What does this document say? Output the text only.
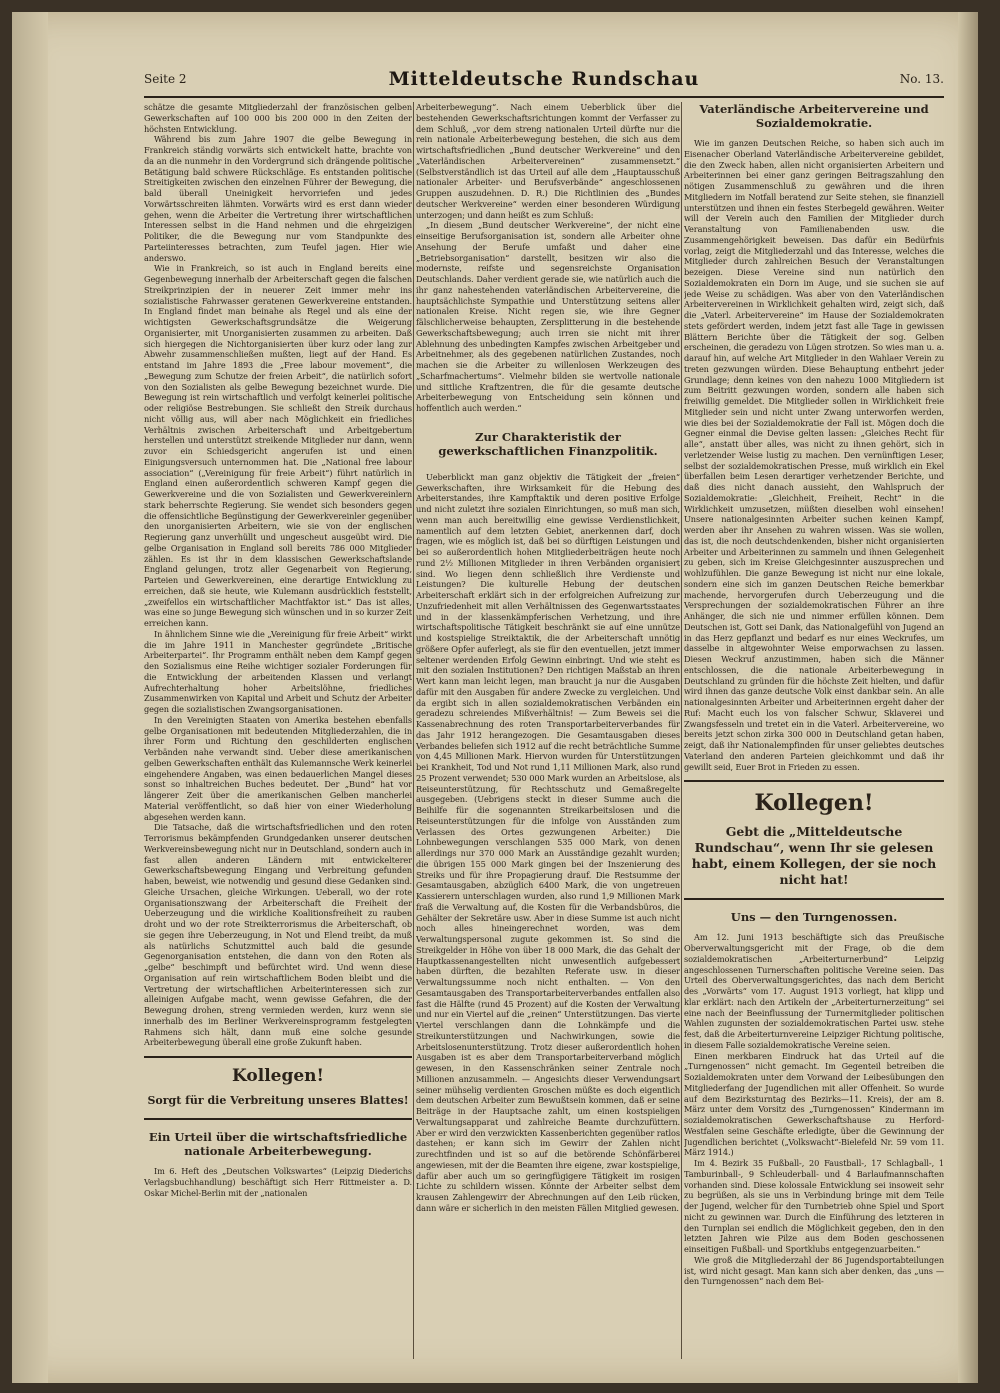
Seite 2	Mitteldeutsche Rundschau	No. 13.

schätze die gesamte Mitgliederzahl der französischen gelben Gewerkschaften auf 100 000 bis 200 000 in den Zeiten der höchsten Entwicklung.

Während bis zum Jahre 1907 die gelbe Bewegung in Frankreich ständig vorwärts sich entwickelt hatte, brachte von da an die nunmehr in den Vordergrund sich drängende politische Betätigung bald schwere Rückschläge. Es entstanden politische Streitigkeiten zwischen den einzelnen Führer der Bewegung, die bald überall Uneinigkeit hervorriefen und jedes Vorwärtsschreiten lähmten. Vorwärts wird es erst dann wieder gehen, wenn die Arbeiter die Vertretung ihrer wirtschaftlichen Interessen selbst in die Hand nehmen und die ehrgeizigen Politiker, die die Bewegung nur vom Standpunkte des Parteiinteresses betrachten, zum Teufel jagen. Hier wie anderswo.

Wie in Frankreich, so ist auch in England bereits eine Gegenbewegung innerhalb der Arbeiterschaft gegen die falschen Streikprinzipien der in neuerer Zeit immer mehr ins sozialistische Fahrwasser geratenen Gewerkvereine entstanden. In England findet man beinahe als Regel und als eine der wichtigsten Gewerkschaftsgrundsätze die Weigerung Organisierter, mit Unorganisierten zusammen zu arbeiten. Daß sich hiergegen die Nichtorganisierten über kurz oder lang zur Abwehr zusammenschließen mußten, liegt auf der Hand. Es entstand im Jahre 1893 die „Free labour movement“, die „Bewegung zum Schutze der freien Arbeit“, die natürlich sofort von den Sozialisten als gelbe Bewegung bezeichnet wurde. Die Bewegung ist rein wirtschaftlich und verfolgt keinerlei politische oder religiöse Bestrebungen. Sie schließt den Streik durchaus nicht völlig aus, will aber nach Möglichkeit ein friedliches Verhältnis zwischen Arbeiterschaft und Arbeitgebertum herstellen und unterstützt streikende Mitglieder nur dann, wenn zuvor ein Schiedsgericht angerufen ist und einen Einigungsversuch unternommen hat. Die „National free labour association“ („Vereinigung für freie Arbeit“) führt natürlich in England einen außerordentlich schweren Kampf gegen die Gewerkvereine und die von Sozialisten und Gewerkvereinlern stark beherrschte Regierung. Sie wendet sich besonders gegen die offensichtliche Begünstigung der Gewerkvereinler gegenüber den unorganisierten Arbeitern, wie sie von der englischen Regierung ganz unverhüllt und ungescheut ausgeübt wird. Die gelbe Organisation in England soll bereits 786 000 Mitglieder zählen. Es ist ihr in dem klassischen Gewerkschaftslande England gelungen, trotz aller Gegenarbeit von Regierung, Parteien und Gewerkvereinen, eine derartige Entwicklung zu erreichen, daß sie heute, wie Kulemann ausdrücklich feststellt, „zweifellos ein wirtschaftlicher Machtfaktor ist.“ Das ist alles, was eine so junge Bewegung sich wünschen und in so kurzer Zeit erreichen kann.

In ähnlichem Sinne wie die „Vereinigung für freie Arbeit“ wirkt die im Jahre 1911 in Manchester gegründete „Britische Arbeiterpartei“. Ihr Programm enthält neben dem Kampf gegen den Sozialismus eine Reihe wichtiger sozialer Forderungen für die Entwicklung der arbeitenden Klassen und verlangt Aufrechterhaltung hoher Arbeitslöhne, friedliches Zusammenwirken von Kapital und Arbeit und Schutz der Arbeiter gegen die sozialistischen Zwangsorganisationen.

In den Vereinigten Staaten von Amerika bestehen ebenfalls gelbe Organisationen mit bedeutenden Mitgliederzahlen, die in ihrer Form und Richtung den geschilderten englischen Verbänden nahe verwandt sind. Ueber diese amerikanischen gelben Gewerkschaften enthält das Kulemannsche Werk keinerlei eingehendere Angaben, was einen bedauerlichen Mangel dieses sonst so inhaltreichen Buches bedeutet. Der „Bund“ hat vor längerer Zeit über die amerikanischen Gelben mancherlei Material veröffentlicht, so daß hier von einer Wiederholung abgesehen werden kann.

Die Tatsache, daß die wirtschaftsfriedlichen und den roten Terrorismus bekämpfenden Grundgedanken unserer deutschen Werkvereinsbewegung nicht nur in Deutschland, sondern auch in fast allen anderen Ländern mit entwickelterer Gewerkschaftsbewegung Eingang und Verbreitung gefunden haben, beweist, wie notwendig und gesund diese Gedanken sind. Gleiche Ursachen, gleiche Wirkungen. Ueberall, wo der rote Organisationszwang der Arbeiterschaft die Freiheit der Ueberzeugung und die wirkliche Koalitionsfreiheit zu rauben droht und wo der rote Streikterrorismus die Arbeiterschaft, ob sie gegen ihre Ueberzeugung, in Not und Elend treibt, da muß als natürlichs Schutzmittel auch bald die gesunde Gegenorganisation entstehen, die dann von den Roten als „gelbe“ beschimpft und befürchtet wird. Und wenn diese Organisation auf rein wirtschaftlichem Boden bleibt und die Vertretung der wirtschaftlichen Arbeiterinteressen sich zur alleinigen Aufgabe macht, wenn gewisse Gefahren, die der Bewegung drohen, streng vermieden werden, kurz wenn sie innerhalb des im Berliner Werkvereinsprogramm festgelegten Rahmens sich hält, dann muß eine solche gesunde Arbeiterbewegung überall eine große Zukunft haben.

Kollegen!
Sorgt für die Verbreitung unseres Blattes!
Ein Urteil über die wirtschaftsfriedliche nationale Arbeiterbewegung.

Im 6. Heft des „Deutschen Volkswartes“ (Leipzig Diederichs Verlagsbuchhandlung) beschäftigt sich Herr Rittmeister a. D. Oskar Michel-Berlin mit der „nationalen

Arbeiterbewegung“. Nach einem Ueberblick über die bestehenden Gewerkschaftsrichtungen kommt der Verfasser zu dem Schluß, „vor dem streng nationalen Urteil dürfte nur die rein nationale Arbeiterbewegung bestehen, die sich aus dem wirtschaftsfriedlichen „Bund deutscher Werkvereine“ und den „Vaterländischen Arbeitervereinen“ zusammensetzt.“ (Selbstverständlich ist das Urteil auf alle dem „Hauptausschuß nationaler Arbeiter- und Berufsverbände“ angeschlossenen Gruppen auszudehnen. D. R.) Die Richtlinien des „Bundes deutscher Werkvereine“ werden einer besonderen Würdigung unterzogen; und dann heißt es zum Schluß:

„In diesem „Bund deutscher Werkvereine“, der nicht eine einseitige Berufsorganisation ist, sondern alle Arbeiter ohne Ansehung der Berufe umfaßt und daher eine „Betriebsorganisation“ darstellt, besitzen wir also die modernste, reifste und segensreichste Organisation Deutschlands. Daher verdient gerade sie, wie natürlich auch die ihr ganz nahestehenden vaterländischen Arbeitervereine, die hauptsächlichste Sympathie und Unterstützung seitens aller nationalen Kreise. Nicht regen sie, wie ihre Gegner fälschlicherweise behaupten, Zersplitterung in die bestehende Gewerkschaftsbewegung; auch irren sie nicht mit ihrer Ablehnung des unbedingten Kampfes zwischen Arbeitgeber und Arbeitnehmer, als des gegebenen natürlichen Zustandes, noch machen sie die Arbeiter zu willenlosen Werkzeugen des „Scharfmachertums“. Vielmehr bilden sie wertvolle nationale und sittliche Kraftzentren, die für die gesamte deutsche Arbeiterbewegung von Entscheidung sein können und hoffentlich auch werden.“

Zur Charakteristik der gewerkschaftlichen Finanzpolitik.

Ueberblickt man ganz objektiv die Tätigkeit der „freien“ Gewerkschaften, ihre Wirksamkeit für die Hebung des Arbeiterstandes, ihre Kampftaktik und deren positive Erfolge und nicht zuletzt ihre sozialen Einrichtungen, so muß man sich, wenn man auch bereitwillig eine gewisse Verdienstlichkeit, namentlich auf dem letzten Gebiet, anerkennen darf, doch fragen, wie es möglich ist, daß bei so dürftigen Leistungen und bei so außerordentlich hohen Mitgliederbeiträgen heute noch rund 2½ Millionen Mitglieder in ihren Verbänden organisiert sind. Wo liegen denn schließlich ihre Verdienste und Leistungen? Die kulturelle Hebung der deutschen Arbeiterschaft erklärt sich in der erfolgreichen Aufreizung zur Unzufriedenheit mit allen Verhältnissen des Gegenwartsstaates und in der klassenkämpferischen Verhetzung, und ihre wirtschaftspolitische Tätigkeit beschränkt sie auf eine unnütze und kostspielige Streiktaktik, die der Arbeiterschaft unnötig größere Opfer auferlegt, als sie für den eventuellen, jetzt immer seltener werdenden Erfolg Gewinn einbringt. Und wie steht es mit den sozialen Institutionen? Den richtigen Maßstab an ihren Wert kann man leicht legen, man braucht ja nur die Ausgaben dafür mit den Ausgaben für andere Zwecke zu vergleichen. Und da ergibt sich in allen sozialdemokratischen Verbänden ein geradezu schreiendes Mißverhältnis! — Zum Beweis sei die Kassenabrechnung des roten Transportarbeiterverbandes für das Jahr 1912 herangezogen. Die Gesamtausgaben dieses Verbandes beliefen sich 1912 auf die recht beträchtliche Summe von 4,45 Millionen Mark. Hiervon wurden für Unterstützungen bei Krankheit, Tod und Not rund 1,11 Millionen Mark, also rund 25 Prozent verwendet; 530 000 Mark wurden an Arbeitslose, als Reiseunterstützung, für Rechtsschutz und Gemaßregelte ausgegeben. (Uebrigens steckt in dieser Summe auch die Beihilfe für die sogenannten Streikarbeitslosen und die Reiseunterstützungen für die infolge von Ausständen zum Verlassen des Ortes gezwungenen Arbeiter.) Die Lohnbewegungen verschlangen 535 000 Mark, von denen allerdings nur 370 000 Mark an Ausständige gezahlt wurden; die übrigen 155 000 Mark gingen bei der Inszenierung des Streiks und für ihre Propagierung drauf. Die Restsumme der Gesamtausgaben, abzüglich 6400 Mark, die von ungetreuen Kassierern unterschlagen wurden, also rund 1,9 Millionen Mark fraß die Verwaltung auf, die Kosten für die Verbandsbüros, die Gehälter der Sekretäre usw. Aber in diese Summe ist auch nicht noch alles hineingerechnet worden, was dem Verwaltungspersonal zugute gekommen ist. So sind die Streikgelder in Höhe von über 18 000 Mark, die das Gehalt der Hauptkassenangestellten nicht unwesentlich aufgebessert haben dürften, die bezahlten Referate usw. in dieser Verwaltungssumme noch nicht enthalten. — Von den Gesamtausgaben des Transportarbeiterverbandes entfallen also fast die Hälfte (rund 45 Prozent) auf die Kosten der Verwaltung und nur ein Viertel auf die „reinen“ Unterstützungen. Das vierte Viertel verschlangen dann die Lohnkämpfe und die Streikunterstützungen und Nachwirkungen, sowie die Arbeitslosenunterstützung. Trotz dieser außerordentlich hohen Ausgaben ist es aber dem Transportarbeiterverband möglich gewesen, in den Kassenschränken seiner Zentrale noch Millionen anzusammeln. — Angesichts dieser Verwendungsart seiner mühselig verdienten Groschen müßte es doch eigentlich dem deutschen Arbeiter zum Bewußtsein kommen, daß er seine Beiträge in der Hauptsache zahlt, um einen kostspieligen Verwaltungsapparat und zahlreiche Beamte durchzufüttern. Aber er wird den verzwickten Kassenberichten gegenüber ratlos dastehen; er kann sich im Gewirr der Zahlen nicht zurechtfinden und ist so auf die betörende Schönfärberei angewiesen, mit der die Beamten ihre eigene, zwar kostspielige, dafür aber auch um so geringfügigere Tätigkeit im rosigen Lichte zu schildern wissen. Könnte der Arbeiter selbst dem krausen Zahlengewirr der Abrechnungen auf den Leib rücken, dann wäre er sicherlich in den meisten Fällen Mitglied gewesen.

Vaterländische Arbeitervereine und Sozialdemokratie.

Wie im ganzen Deutschen Reiche, so haben sich auch im Eisenacher Oberland Vaterländische Arbeitervereine gebildet, die den Zweck haben, allen nicht organisierten Arbeitern und Arbeiterinnen bei einer ganz geringen Beitragszahlung den nötigen Zusammenschluß zu gewähren und die ihren Mitgliedern im Notfall beratend zur Seite stehen, sie finanziell unterstützen und ihnen ein festes Sterbegeld gewähren. Weiter will der Verein auch den Familien der Mitglieder durch Veranstaltung von Familienabenden usw. die Zusammengehörigkeit beweisen. Das dafür ein Bedürfnis vorlag, zeigt die Mitgliederzahl und das Interesse, welches die Mitglieder durch zahlreichen Besuch der Veranstaltungen bezeigen. Diese Vereine sind nun natürlich den Sozialdemokraten ein Dorn im Auge, und sie suchen sie auf jede Weise zu schädigen. Was aber von den Vaterländischen Arbeitervereinen in Wirklichkeit gehalten wird, zeigt sich, daß die „Vaterl. Arbeitervereine“ im Hause der Sozialdemokraten stets gefördert werden, indem jetzt fast alle Tage in gewissen Blättern Berichte über die Tätigkeit der sog. Gelben erscheinen, die geradezu von Lügen strotzen. So wies man u. a. darauf hin, auf welche Art Mitglieder in den Wahlaer Verein zu treten gezwungen würden. Diese Behauptung entbehrt jeder Grundlage; denn keines von den nahezu 1000 Mitgliedern ist zum Beitritt gezwungen worden, sondern alle haben sich freiwillig gemeldet. Die Mitglieder sollen in Wirklichkeit freie Mitglieder sein und nicht unter Zwang unterworfen werden, wie dies bei der Sozialdemokratie der Fall ist. Mögen doch die Gegner einmal die Devise gelten lassen: „Gleiches Recht für alle“, anstatt über alles, was nicht zu ihnen gehört, sich in verletzender Weise lustig zu machen. Den vernünftigen Leser, selbst der sozialdemokratischen Presse, muß wirklich ein Ekel überfallen beim Lesen derartiger verhetzender Berichte, und daß dies nicht danach aussieht, den Wahlspruch der Sozialdemokratie: „Gleichheit, Freiheit, Recht“ in die Wirklichkeit umzusetzen, müßten dieselben wohl einsehen! Unsere nationalgesinnten Arbeiter suchen keinen Kampf, werden aber ihr Ansehen zu wahren wissen. Was sie wollen, das ist, die noch deutschdenkenden, bisher nicht organisierten Arbeiter und Arbeiterinnen zu sammeln und ihnen Gelegenheit zu geben, sich im Kreise Gleichgesinnter auszusprechen und wohlzufühlen. Die ganze Bewegung ist nicht nur eine lokale, sondern eine sich im ganzen Deutschen Reiche bemerkbar machende, hervorgerufen durch Ueberzeugung und die Versprechungen der sozialdemokratischen Führer an ihre Anhänger, die sich nie und nimmer erfüllen können. Dem Deutschen ist, Gott sei Dank, das Nationalgefühl von Jugend an in das Herz gepflanzt und bedarf es nur eines Weckrufes, um dasselbe in altgewohnter Weise emporwachsen zu lassen. Diesen Weckruf anzustimmen, haben sich die Männer entschlossen, die die nationale Arbeiterbewegung in Deutschland zu gründen für die höchste Zeit hielten, und dafür wird ihnen das ganze deutsche Volk einst dankbar sein. An alle nationalgesinnten Arbeiter und Arbeiterinnen ergeht daher der Ruf: Macht euch los von falscher Schwur, Sklaverei und Zwangsfesseln und tretet ein in die Vaterl. Arbeitervereine, wo bereits jetzt schon zirka 300 000 in Deutschland getan haben, zeigt, daß ihr Nationalempfinden für unser geliebtes deutsches Vaterland den anderen Parteien gleichkommt und daß ihr gewillt seid, Euer Brot in Frieden zu essen.

Kollegen!
Gebt die „Mitteldeutsche Rundschau“, wenn Ihr sie gelesen habt, einem Kollegen, der sie noch nicht hat!
Uns — den Turngenossen.

Am 12. Juni 1913 beschäftigte sich das Preußische Oberverwaltungsgericht mit der Frage, ob die dem sozialdemokratischen „Arbeiterturnerbund“ Leipzig angeschlossenen Turnerschaften politische Vereine seien. Das Urteil des Oberverwaltungsgerichtes, das nach dem Bericht des „Vorwärts“ vom 17. August 1913 vorliegt, hat klipp und klar erklärt: nach den Artikeln der „Arbeiterturnerzeitung“ sei eine nach der Beeinflussung der Turnermitglieder politischen Wahlen zugunsten der sozialdemokratischen Partei usw. stehe fest, daß die Arbeiterturnvereine Leipziger Richtung politische, in diesem Falle sozialdemokratische Vereine seien.

Einen merkbaren Eindruck hat das Urteil auf die „Turngenossen“ nicht gemacht. Im Gegenteil betreiben die Sozialdemokraten unter dem Vorwand der Leibesübungen den Mitgliederfang der Jugendlichen mit aller Offenheit. So wurde auf dem Bezirksturntag des Bezirks—11. Kreis), der am 8. März unter dem Vorsitz des „Turngenossen“ Kindermann im sozialdemokratischen Gewerkschaftshause zu Herford-Westfalen seine Geschäfte erledigte, über die Gewinnung der Jugendlichen berichtet („Volkswacht“-Bielefeld Nr. 59 vom 11. März 1914.)

Im 4. Bezirk 35 Fußball-, 20 Faustball-, 17 Schlagball-, 1 Tamburinball-, 9 Schleuderball- und 4 Barlaufmannschaften vorhanden sind. Diese kolossale Entwicklung sei insoweit sehr zu begrüßen, als sie uns in Verbindung bringe mit dem Teile der Jugend, welcher für den Turnbetrieb ohne Spiel und Sport nicht zu gewinnen war. Durch die Einführung des letzteren in den Turnplan sei endlich die Möglichkeit gegeben, den in den letzten Jahren wie Pilze aus dem Boden geschossenen einseitigen Fußball- und Sportklubs entgegenzuarbeiten.“

Wie groß die Mitgliederzahl der 86 Jugendsportabteilungen ist, wird nicht gesagt. Man kann sich aber denken, das „uns — den Turngenossen“ nach dem Bei-
